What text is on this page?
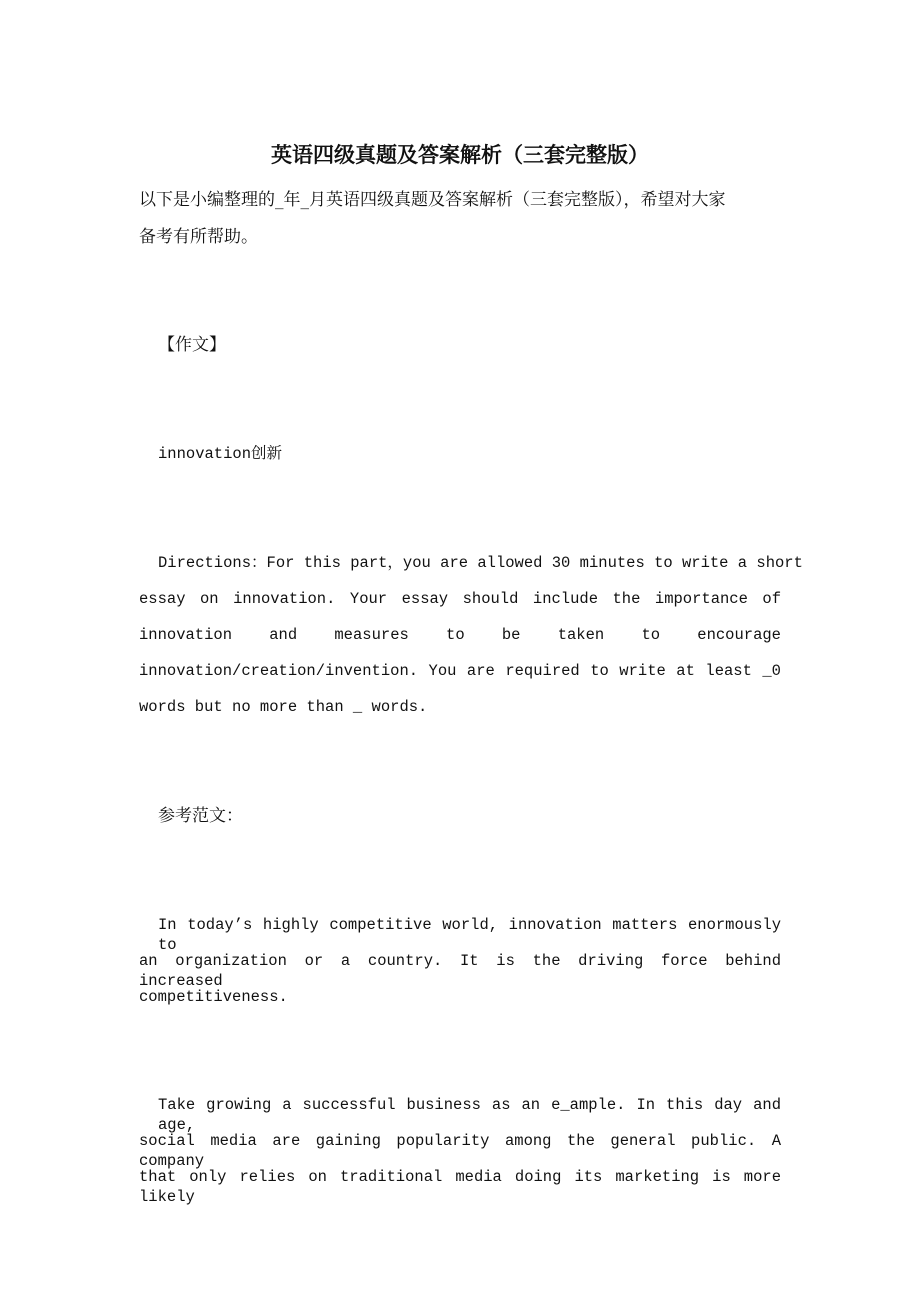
英语四级真题及答案解析（三套完整版）
以下是小编整理的_年_月英语四级真题及答案解析（三套完整版），希望对大家
备考有所帮助。
【作文】
innovation创新
Directions：For this part，you are allowed 30 minutes to write a short
essay on innovation. Your essay should include the importance of
innovation and measures to be taken to encourage
innovation/creation/invention. You are required to write at least _0
words but no more than _ words.
参考范文：
In today’s highly competitive world, innovation matters enormously to
an organization or a country. It is the driving force behind increased
competitiveness.
Take growing a successful business as an e_ample. In this day and age,
social media are gaining popularity among the general public. A company
that only relies on traditional media doing its marketing is more likely
